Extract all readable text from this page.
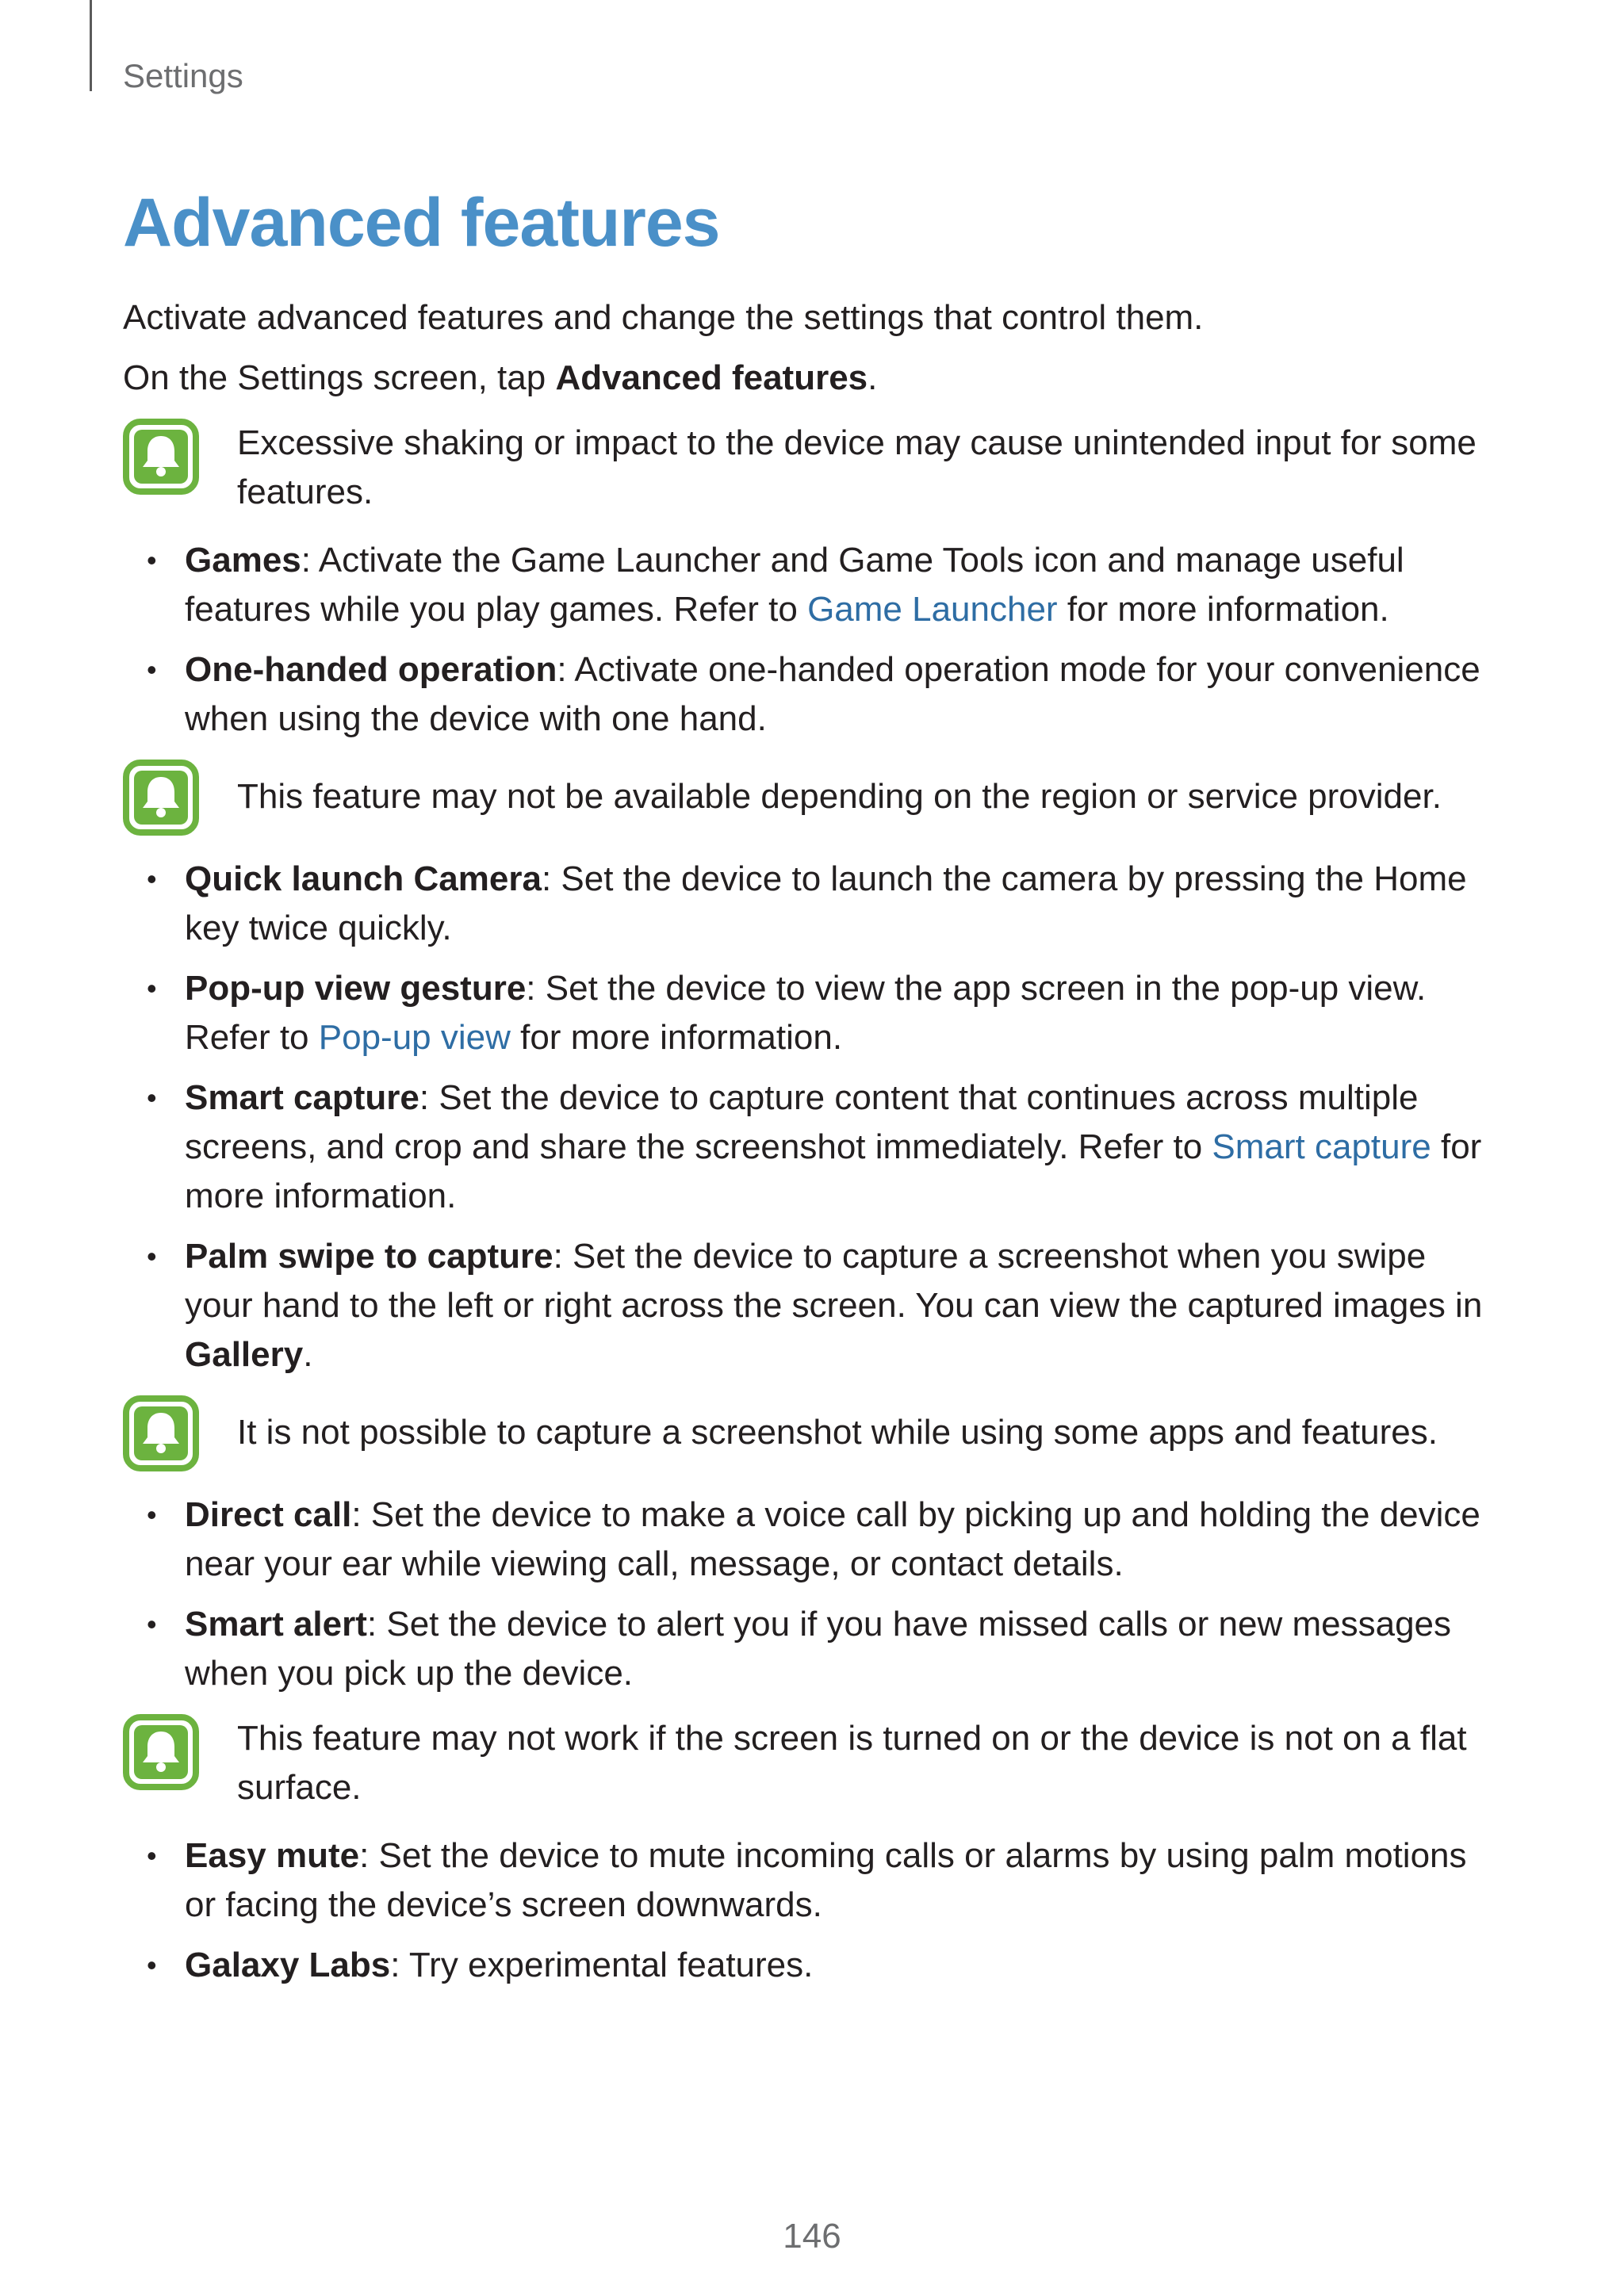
Settings
Advanced features

Activate advanced features and change the settings that control them.

On the Settings screen, tap Advanced features.

Excessive shaking or impact to the device may cause unintended input for some features.
• Games: Activate the Game Launcher and Game Tools icon and manage useful features while you play games. Refer to Game Launcher for more information.
• One-handed operation: Activate one-handed operation mode for your convenience when using the device with one hand.
This feature may not be available depending on the region or service provider.
• Quick launch Camera: Set the device to launch the camera by pressing the Home key twice quickly.
• Pop-up view gesture: Set the device to view the app screen in the pop-up view. Refer to Pop-up view for more information.
• Smart capture: Set the device to capture content that continues across multiple screens, and crop and share the screenshot immediately. Refer to Smart capture for more information.
• Palm swipe to capture: Set the device to capture a screenshot when you swipe your hand to the left or right across the screen. You can view the captured images in Gallery.
It is not possible to capture a screenshot while using some apps and features.
• Direct call: Set the device to make a voice call by picking up and holding the device near your ear while viewing call, message, or contact details.
• Smart alert: Set the device to alert you if you have missed calls or new messages when you pick up the device.
This feature may not work if the screen is turned on or the device is not on a flat surface.
• Easy mute: Set the device to mute incoming calls or alarms by using palm motions or facing the device’s screen downwards.
• Galaxy Labs: Try experimental features.
146
